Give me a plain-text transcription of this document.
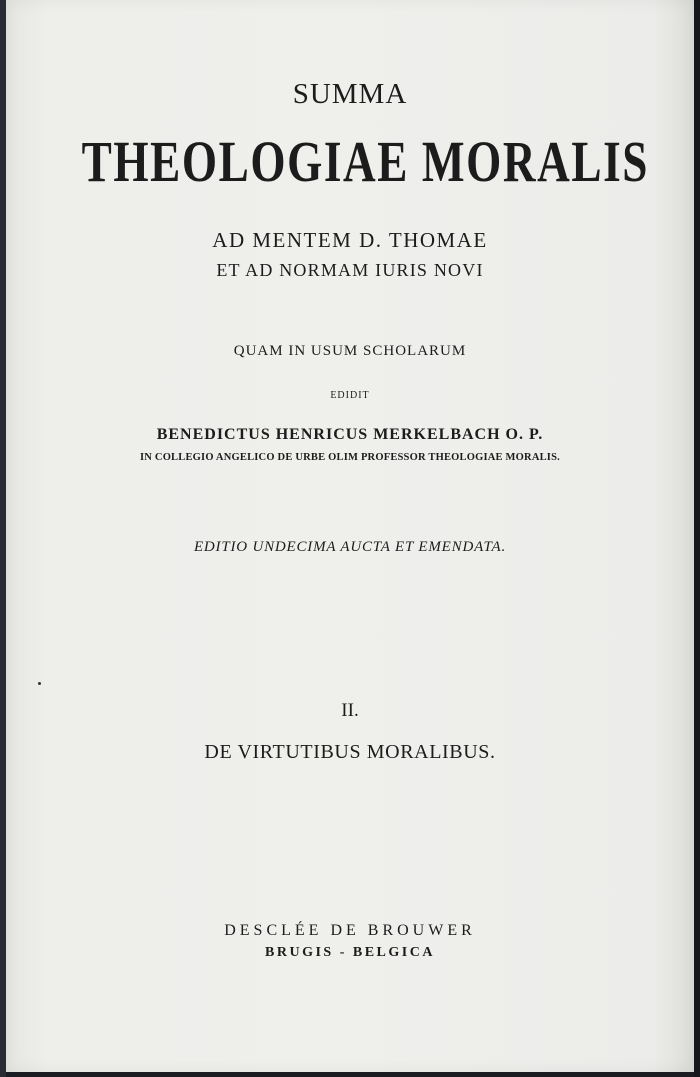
SUMMA
THEOLOGIAE MORALIS
AD MENTEM D. THOMAE
ET AD NORMAM IURIS NOVI
QUAM IN USUM SCHOLARUM
EDIDIT
BENEDICTUS HENRICUS MERKELBACH O. P.
IN COLLEGIO ANGELICO DE URBE OLIM PROFESSOR THEOLOGIAE MORALIS.
EDITIO UNDECIMA AUCTA ET EMENDATA.
II.
DE VIRTUTIBUS MORALIBUS.
DESCLÉE DE BROUWER
BRUGIS - BELGICA
